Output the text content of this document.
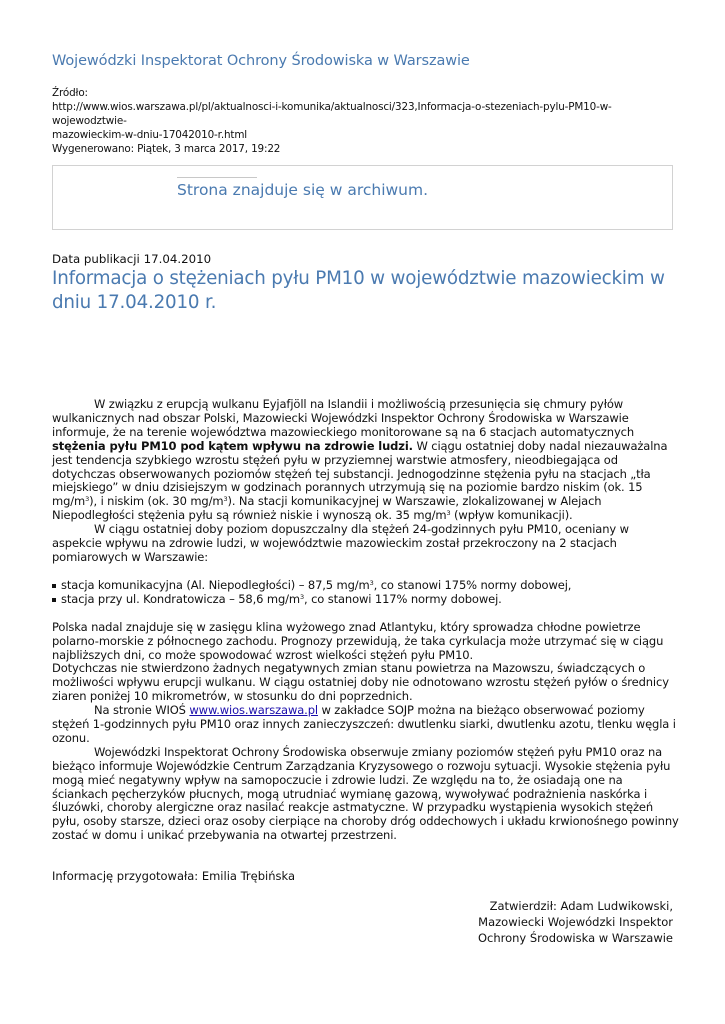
Wojewódzki Inspektorat Ochrony Środowiska w Warszawie
Źródło:
http://www.wios.warszawa.pl/pl/aktualnosci-i-komunika/aktualnosci/323,Informacja-o-stezeniach-pylu-PM10-w-wojewodztwie-
mazowieckim-w-dniu-17042010-r.html
Wygenerowano: Piątek, 3 marca 2017, 19:22
Strona znajduje się w archiwum.
Data publikacji 17.04.2010
Informacja o stężeniach pyłu PM10 w województwie mazowieckim w dniu 17.04.2010 r.

W związku z erupcją wulkanu Eyjafjöll na Islandii i możliwością przesunięcia się chmury pyłów wulkanicznych nad obszar Polski, Mazowiecki Wojewódzki Inspektor Ochrony Środowiska w Warszawie informuje, że na terenie województwa mazowieckiego monitorowane są na 6 stacjach automatycznych stężenia pyłu PM10 pod kątem wpływu na zdrowie ludzi. W ciągu ostatniej doby nadal niezauważalna jest tendencja szybkiego wzrostu stężeń pyłu w przyziemnej warstwie atmosfery, nieodbiegająca od dotychczas obserwowanych poziomów stężeń tej substancji. Jednogodzinne stężenia pyłu na stacjach „tła miejskiego” w dniu dzisiejszym w godzinach porannych utrzymują się na poziomie bardzo niskim (ok. 15 $mg/m^3$), i niskim (ok. 30 $mg/m^3$). Na stacji komunikacyjnej w Warszawie, zlokalizowanej w Alejach Niepodległości stężenia pyłu są również niskie i wynoszą ok. 35 $mg/m^3$ (wpływ komunikacji).

W ciągu ostatniej doby poziom dopuszczalny dla stężeń 24-godzinnych pyłu PM10, oceniany w aspekcie wpływu na zdrowie ludzi, w województwie mazowieckim został przekroczony na 2 stacjach pomiarowych w Warszawie:

stacja komunikacyjna (Al. Niepodległości) – 87,5 $mg/m^3$, co stanowi 175% normy dobowej,
stacja przy ul. Kondratowicza – 58,6 $mg/m^3$, co stanowi 117% normy dobowej.

Polska nadal znajduje się w zasięgu klina wyżowego znad Atlantyku, który sprowadza chłodne powietrze polarno-morskie z północnego zachodu. Prognozy przewidują, że taka cyrkulacja może utrzymać się w ciągu najbliższych dni, co może spowodować wzrost wielkości stężeń pyłu PM10.

Dotychczas nie stwierdzono żadnych negatywnych zmian stanu powietrza na Mazowszu, świadczących o możliwości wpływu erupcji wulkanu. W ciągu ostatniej doby nie odnotowano wzrostu stężeń pyłów o średnicy ziaren poniżej 10 mikrometrów, w stosunku do dni poprzednich.

Na stronie WIOŚ www.wios.warszawa.pl w zakładce SOJP można na bieżąco obserwować poziomy stężeń 1-godzinnych pyłu PM10 oraz innych zanieczyszczeń: dwutlenku siarki, dwutlenku azotu, tlenku węgla i ozonu.

Wojewódzki Inspektorat Ochrony Środowiska obserwuje zmiany poziomów stężeń pyłu PM10 oraz na bieżąco informuje Wojewódzkie Centrum Zarządzania Kryzysowego o rozwoju sytuacji. Wysokie stężenia pyłu mogą mieć negatywny wpływ na samopoczucie i zdrowie ludzi. Ze względu na to, że osiadają one na ściankach pęcherzyków płucnych, mogą utrudniać wymianę gazową, wywoływać podrażnienia naskórka i śluzówki, choroby alergiczne oraz nasilać reakcje astmatyczne. W przypadku wystąpienia wysokich stężeń pyłu, osoby starsze, dzieci oraz osoby cierpiące na choroby dróg oddechowych i układu krwionośnego powinny zostać w domu i unikać przebywania na otwartej przestrzeni.

Informację przygotowała: Emilia Trębińska
Zatwierdził: Adam Ludwikowski,
Mazowiecki Wojewódzki Inspektor
Ochrony Środowiska w Warszawie
